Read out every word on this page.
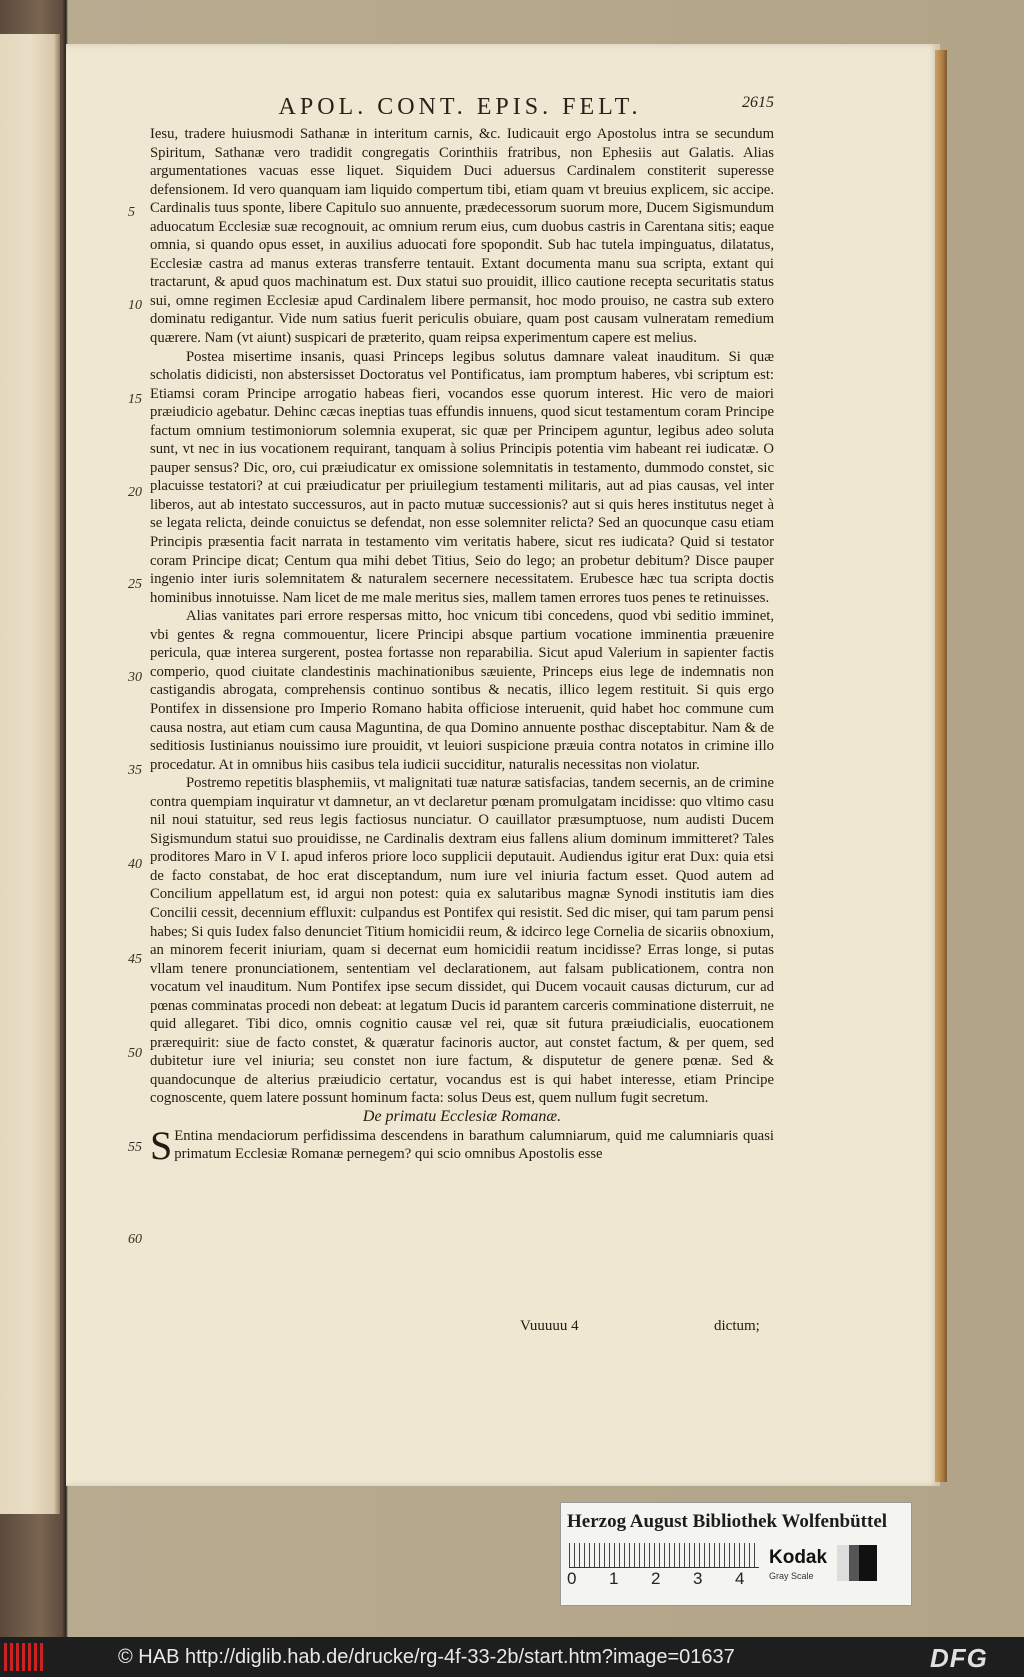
APOL. CONT. EPIS. FELT.	2615
5
10
15
20
25
30
35
40
45
50
55
60

Iesu, tradere huiusmodi Sathanæ in interitum carnis, &c. Iudicauit ergo Apostolus intra se secundum Spiritum, Sathanæ vero tradidit congregatis Corinthiis fratribus, non Ephesiis aut Galatis. Alias argumentationes vacuas esse liquet. Siquidem Duci aduersus Cardinalem constiterit superesse defensionem. Id vero quanquam iam liquido compertum tibi, etiam quam vt breuius explicem, sic accipe. Cardinalis tuus sponte, libere Capitulo suo annuente, prædecessorum suorum more, Ducem Sigismundum aduocatum Ecclesiæ suæ recognouit, ac omnium rerum eius, cum duobus castris in Carentana sitis; eaque omnia, si quando opus esset, in auxilius aduocati fore spopondit. Sub hac tutela impinguatus, dilatatus, Ecclesiæ castra ad manus exteras transferre tentauit. Extant documenta manu sua scripta, extant qui tractarunt, & apud quos machinatum est. Dux statui suo prouidit, illico cautione recepta securitatis status sui, omne regimen Ecclesiæ apud Cardinalem libere permansit, hoc modo prouiso, ne castra sub extero dominatu redigantur. Vide num satius fuerit periculis obuiare, quam post causam vulneratam remedium quærere. Nam (vt aiunt) suspicari de præterito, quam reipsa experimentum capere est melius.

Postea misertime insanis, quasi Princeps legibus solutus damnare valeat inauditum. Si quæ scholatis didicisti, non abstersisset Doctoratus vel Pontificatus, iam promptum haberes, vbi scriptum est: Etiamsi coram Principe arrogatio habeas fieri, vocandos esse quorum interest. Hic vero de maiori præiudicio agebatur. Dehinc cæcas ineptias tuas effundis innuens, quod sicut testamentum coram Principe factum omnium testimoniorum solemnia exuperat, sic quæ per Principem aguntur, legibus adeo soluta sunt, vt nec in ius vocationem requirant, tanquam à solius Principis potentia vim habeant rei iudicatæ. O pauper sensus? Dic, oro, cui præiudicatur ex omissione solemnitatis in testamento, dummodo constet, sic placuisse testatori? at cui præiudicatur per priuilegium testamenti militaris, aut ad pias causas, vel inter liberos, aut ab intestato successuros, aut in pacto mutuæ successionis? aut si quis heres institutus neget à se legata relicta, deinde conuictus se defendat, non esse solemniter relicta? Sed an quocunque casu etiam Principis præsentia facit narrata in testamento vim veritatis habere, sicut res iudicata? Quid si testator coram Principe dicat; Centum qua mihi debet Titius, Seio do lego; an probetur debitum? Disce pauper ingenio inter iuris solemnitatem & naturalem secernere necessitatem. Erubesce hæc tua scripta doctis hominibus innotuisse. Nam licet de me male meritus sies, mallem tamen errores tuos penes te retinuisses.

Alias vanitates pari errore respersas mitto, hoc vnicum tibi concedens, quod vbi seditio imminet, vbi gentes & regna commouentur, licere Principi absque partium vocatione imminentia præuenire pericula, quæ interea surgerent, postea fortasse non reparabilia. Sicut apud Valerium in sapienter factis comperio, quod ciuitate clandestinis machinationibus sæuiente, Princeps eius lege de indemnatis non castigandis abrogata, comprehensis continuo sontibus & necatis, illico legem restituit. Si quis ergo Pontifex in dissensione pro Imperio Romano habita officiose interuenit, quid habet hoc commune cum causa nostra, aut etiam cum causa Maguntina, de qua Domino annuente posthac disceptabitur. Nam & de seditiosis Iustinianus nouissimo iure prouidit, vt leuiori suspicione præuia contra notatos in crimine illo procedatur. At in omnibus hiis casibus tela iudicii succiditur, naturalis necessitas non violatur.

Postremo repetitis blasphemiis, vt malignitati tuæ naturæ satisfacias, tandem secernis, an de crimine contra quempiam inquiratur vt damnetur, an vt declaretur pœnam promulgatam incidisse: quo vltimo casu nil noui statuitur, sed reus legis factiosus nunciatur. O cauillator præsumptuose, num audisti Ducem Sigismundum statui suo prouidisse, ne Cardinalis dextram eius fallens alium dominum immitteret? Tales proditores Maro in V I. apud inferos priore loco supplicii deputauit. Audiendus igitur erat Dux: quia etsi de facto constabat, de hoc erat disceptandum, num iure vel iniuria factum esset. Quod autem ad Concilium appellatum est, id argui non potest: quia ex salutaribus magnæ Synodi institutis iam dies Concilii cessit, decennium effluxit: culpandus est Pontifex qui resistit. Sed dic miser, qui tam parum pensi habes; Si quis Iudex falso denunciet Titium homicidii reum, & idcirco lege Cornelia de sicariis obnoxium, an minorem fecerit iniuriam, quam si decernat eum homicidii reatum incidisse? Erras longe, si putas vllam tenere pronunciationem, sententiam vel declarationem, aut falsam publicationem, contra non vocatum vel inauditum. Num Pontifex ipse secum dissidet, qui Ducem vocauit causas dicturum, cur ad pœnas comminatas procedi non debeat: at legatum Ducis id parantem carceris comminatione disterruit, ne quid allegaret. Tibi dico, omnis cognitio causæ vel rei, quæ sit futura præiudicialis, euocationem prærequirit: siue de facto constet, & quæratur facinoris auctor, aut constet factum, & per quem, sed dubitetur iure vel iniuria; seu constet non iure factum, & disputetur de genere pœnæ. Sed & quandocunque de alterius præiudicio certatur, vocandus est is qui habet interesse, etiam Principe cognoscente, quem latere possunt hominum facta: solus Deus est, quem nullum fugit secretum.

De primatu Ecclesiæ Romanæ.

S Entina mendaciorum perfidissima descendens in barathum calumniarum, quid me calumniaris quasi primatum Ecclesiæ Romanæ pernegem? qui scio omnibus Apostolis esse

Vuuuuu 4	dictum;
Herzog August Bibliothek Wolfenbüttel
0 1 2 3 4
Kodak
Gray Scale
© HAB http://diglib.hab.de/drucke/rg-4f-33-2b/start.htm?image=01637	DFG
